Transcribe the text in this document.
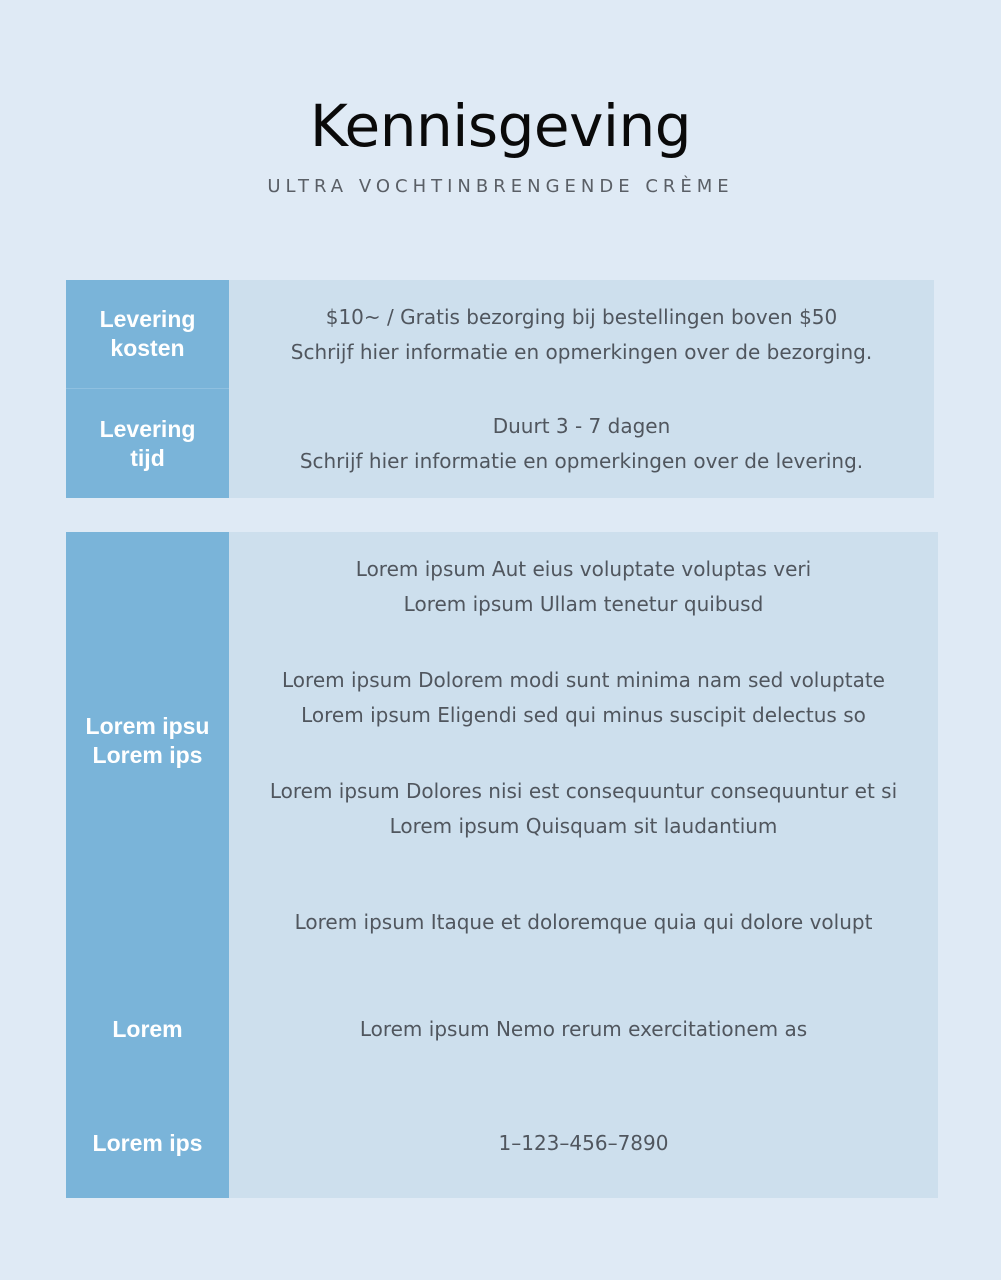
Kennisgeving
ULTRA VOCHTINBRENGENDE CRÈME
Levering
kosten
Levering
tijd
$10~ / Gratis bezorging bij bestellingen boven $50
Schrijf hier informatie en opmerkingen over de bezorging.
Duurt 3 - 7 dagen
Schrijf hier informatie en opmerkingen over de levering.
Lorem ipsu
Lorem ips
Lorem
Lorem ips
Lorem ipsum Aut eius voluptate voluptas veri
Lorem ipsum Ullam tenetur quibusd
Lorem ipsum Dolorem modi sunt minima nam sed voluptate
Lorem ipsum Eligendi sed qui minus suscipit delectus so
Lorem ipsum Dolores nisi est consequuntur consequuntur et si
Lorem ipsum Quisquam sit laudantium
Lorem ipsum Itaque et doloremque quia qui dolore volupt
Lorem ipsum Nemo rerum exercitationem as
1–123–456–7890
